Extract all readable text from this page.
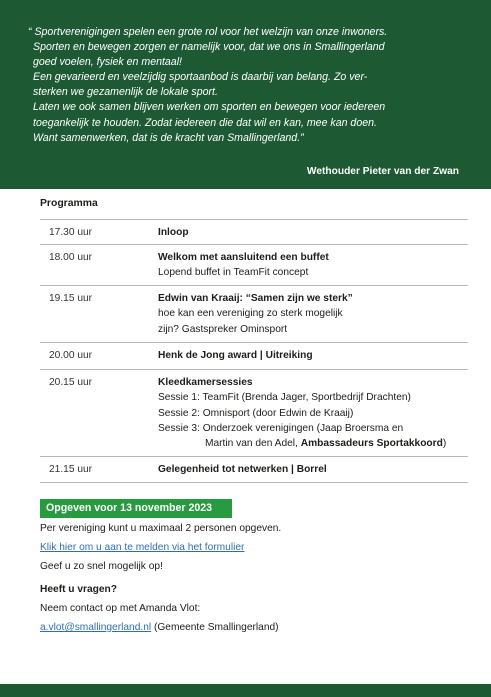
“ Sportverenigingen spelen een grote rol voor het welzijn van onze inwoners.
Sporten en bewegen zorgen er namelijk voor, dat we ons in Smallingerland
goed voelen, fysiek en mentaal!
Een gevarieerd en veelzijdig sportaanbod is daarbij van belang. Zo ver-
sterken we gezamenlijk de lokale sport.
Laten we ook samen blijven werken om sporten en bewegen voor iedereen
toegankelijk te houden. Zodat iedereen die dat wil en kan, mee kan doen.
Want samenwerken, dat is de kracht van Smallingerland.”

Wethouder Pieter van der Zwan
Programma
17.30 uur	Inloop
18.00 uur	Welkom met aansluitend een buffet
Lopend buffet in TeamFit concept
19.15 uur	Edwin van Kraaij: “Samen zijn we sterk”
hoe kan een vereniging zo sterk mogelijk
zijn? Gastspreker Ominsport
20.00 uur	Henk de Jong award | Uitreiking
20.15 uur	Kleedkamersessies
Sessie 1: TeamFit (Brenda Jager, Sportbedrijf Drachten)
Sessie 2: Omnisport (door Edwin de Kraaij)
Sessie 3: Onderzoek verenigingen (Jaap Broersma en
Martin van den Adel, Ambassadeurs Sportakkoord)
21.15 uur	Gelegenheid tot netwerken | Borrel
Opgeven voor 13 november 2023
Per vereniging kunt u maximaal 2 personen opgeven.
Klik hier om u aan te melden via het formulier
Geef u zo snel mogelijk op!
Heeft u vragen?
Neem contact op met Amanda Vlot:
a.vlot@smallingerland.nl (Gemeente Smallingerland)
